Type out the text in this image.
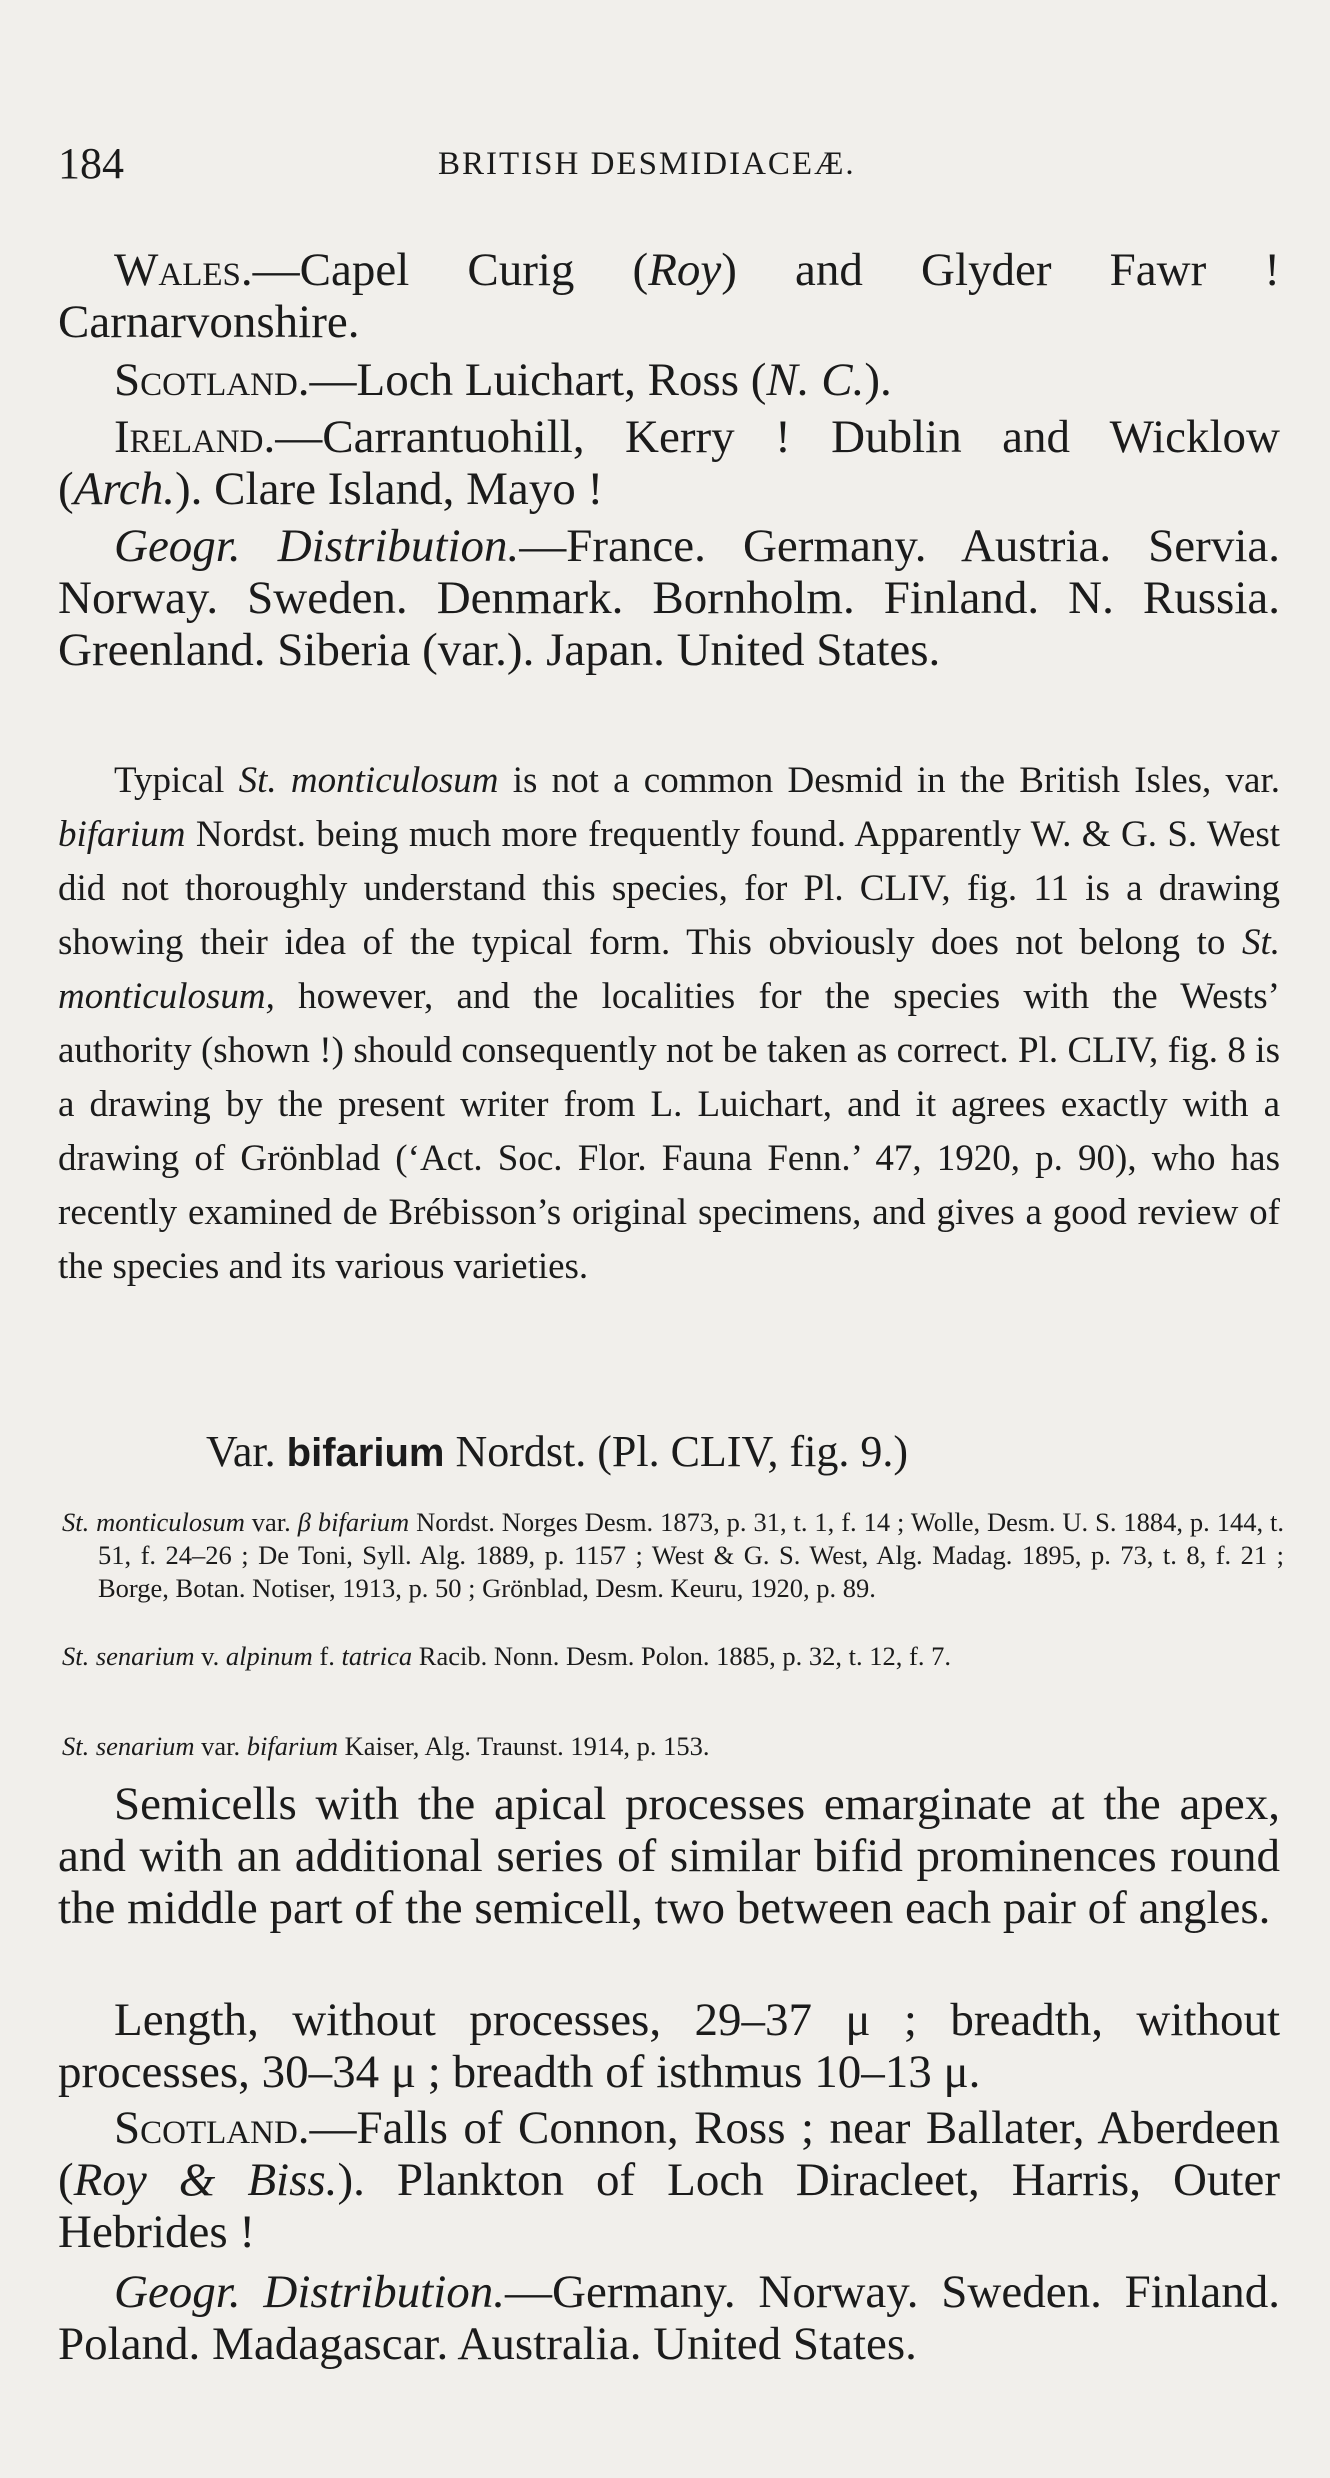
184	BRITISH DESMIDIACEÆ.

Wales.—Capel Curig (Roy) and Glyder Fawr ! Carnarvonshire.

Scotland.—Loch Luichart, Ross (N. C.).

Ireland.—Carrantuohill, Kerry ! Dublin and Wicklow (Arch.). Clare Island, Mayo !

Geogr. Distribution.—France. Germany. Austria. Servia. Norway. Sweden. Denmark. Bornholm. Finland. N. Russia. Greenland. Siberia (var.). Japan. United States.

Typical St. monticulosum is not a common Desmid in the British Isles, var. bifarium Nordst. being much more frequently found. Apparently W. & G. S. West did not thoroughly understand this species, for Pl. CLIV, fig. 11 is a drawing showing their idea of the typical form. This obviously does not belong to St. monticulosum, however, and the localities for the species with the Wests’ authority (shown !) should consequently not be taken as correct. Pl. CLIV, fig. 8 is a drawing by the present writer from L. Luichart, and it agrees exactly with a drawing of Grönblad (‘Act. Soc. Flor. Fauna Fenn.’ 47, 1920, p. 90), who has recently examined de Brébisson’s original specimens, and gives a good review of the species and its various varieties.

Var. bifarium Nordst. (Pl. CLIV, fig. 9.)

St. monticulosum var. β bifarium Nordst. Norges Desm. 1873, p. 31, t. 1, f. 14 ; Wolle, Desm. U. S. 1884, p. 144, t. 51, f. 24–26 ; De Toni, Syll. Alg. 1889, p. 1157 ; West & G. S. West, Alg. Madag. 1895, p. 73, t. 8, f. 21 ; Borge, Botan. Notiser, 1913, p. 50 ; Grönblad, Desm. Keuru, 1920, p. 89.

St. senarium v. alpinum f. tatrica Racib. Nonn. Desm. Polon. 1885, p. 32, t. 12, f. 7.

St. senarium var. bifarium Kaiser, Alg. Traunst. 1914, p. 153.

Semicells with the apical processes emarginate at the apex, and with an additional series of similar bifid prominences round the middle part of the semicell, two between each pair of angles.

Length, without processes, 29–37 μ ; breadth, without processes, 30–34 μ ; breadth of isthmus 10–13 μ.

Scotland.—Falls of Connon, Ross ; near Ballater, Aberdeen (Roy & Biss.). Plankton of Loch Diracleet, Harris, Outer Hebrides !

Geogr. Distribution.—Germany. Norway. Sweden. Finland. Poland. Madagascar. Australia. United States.
